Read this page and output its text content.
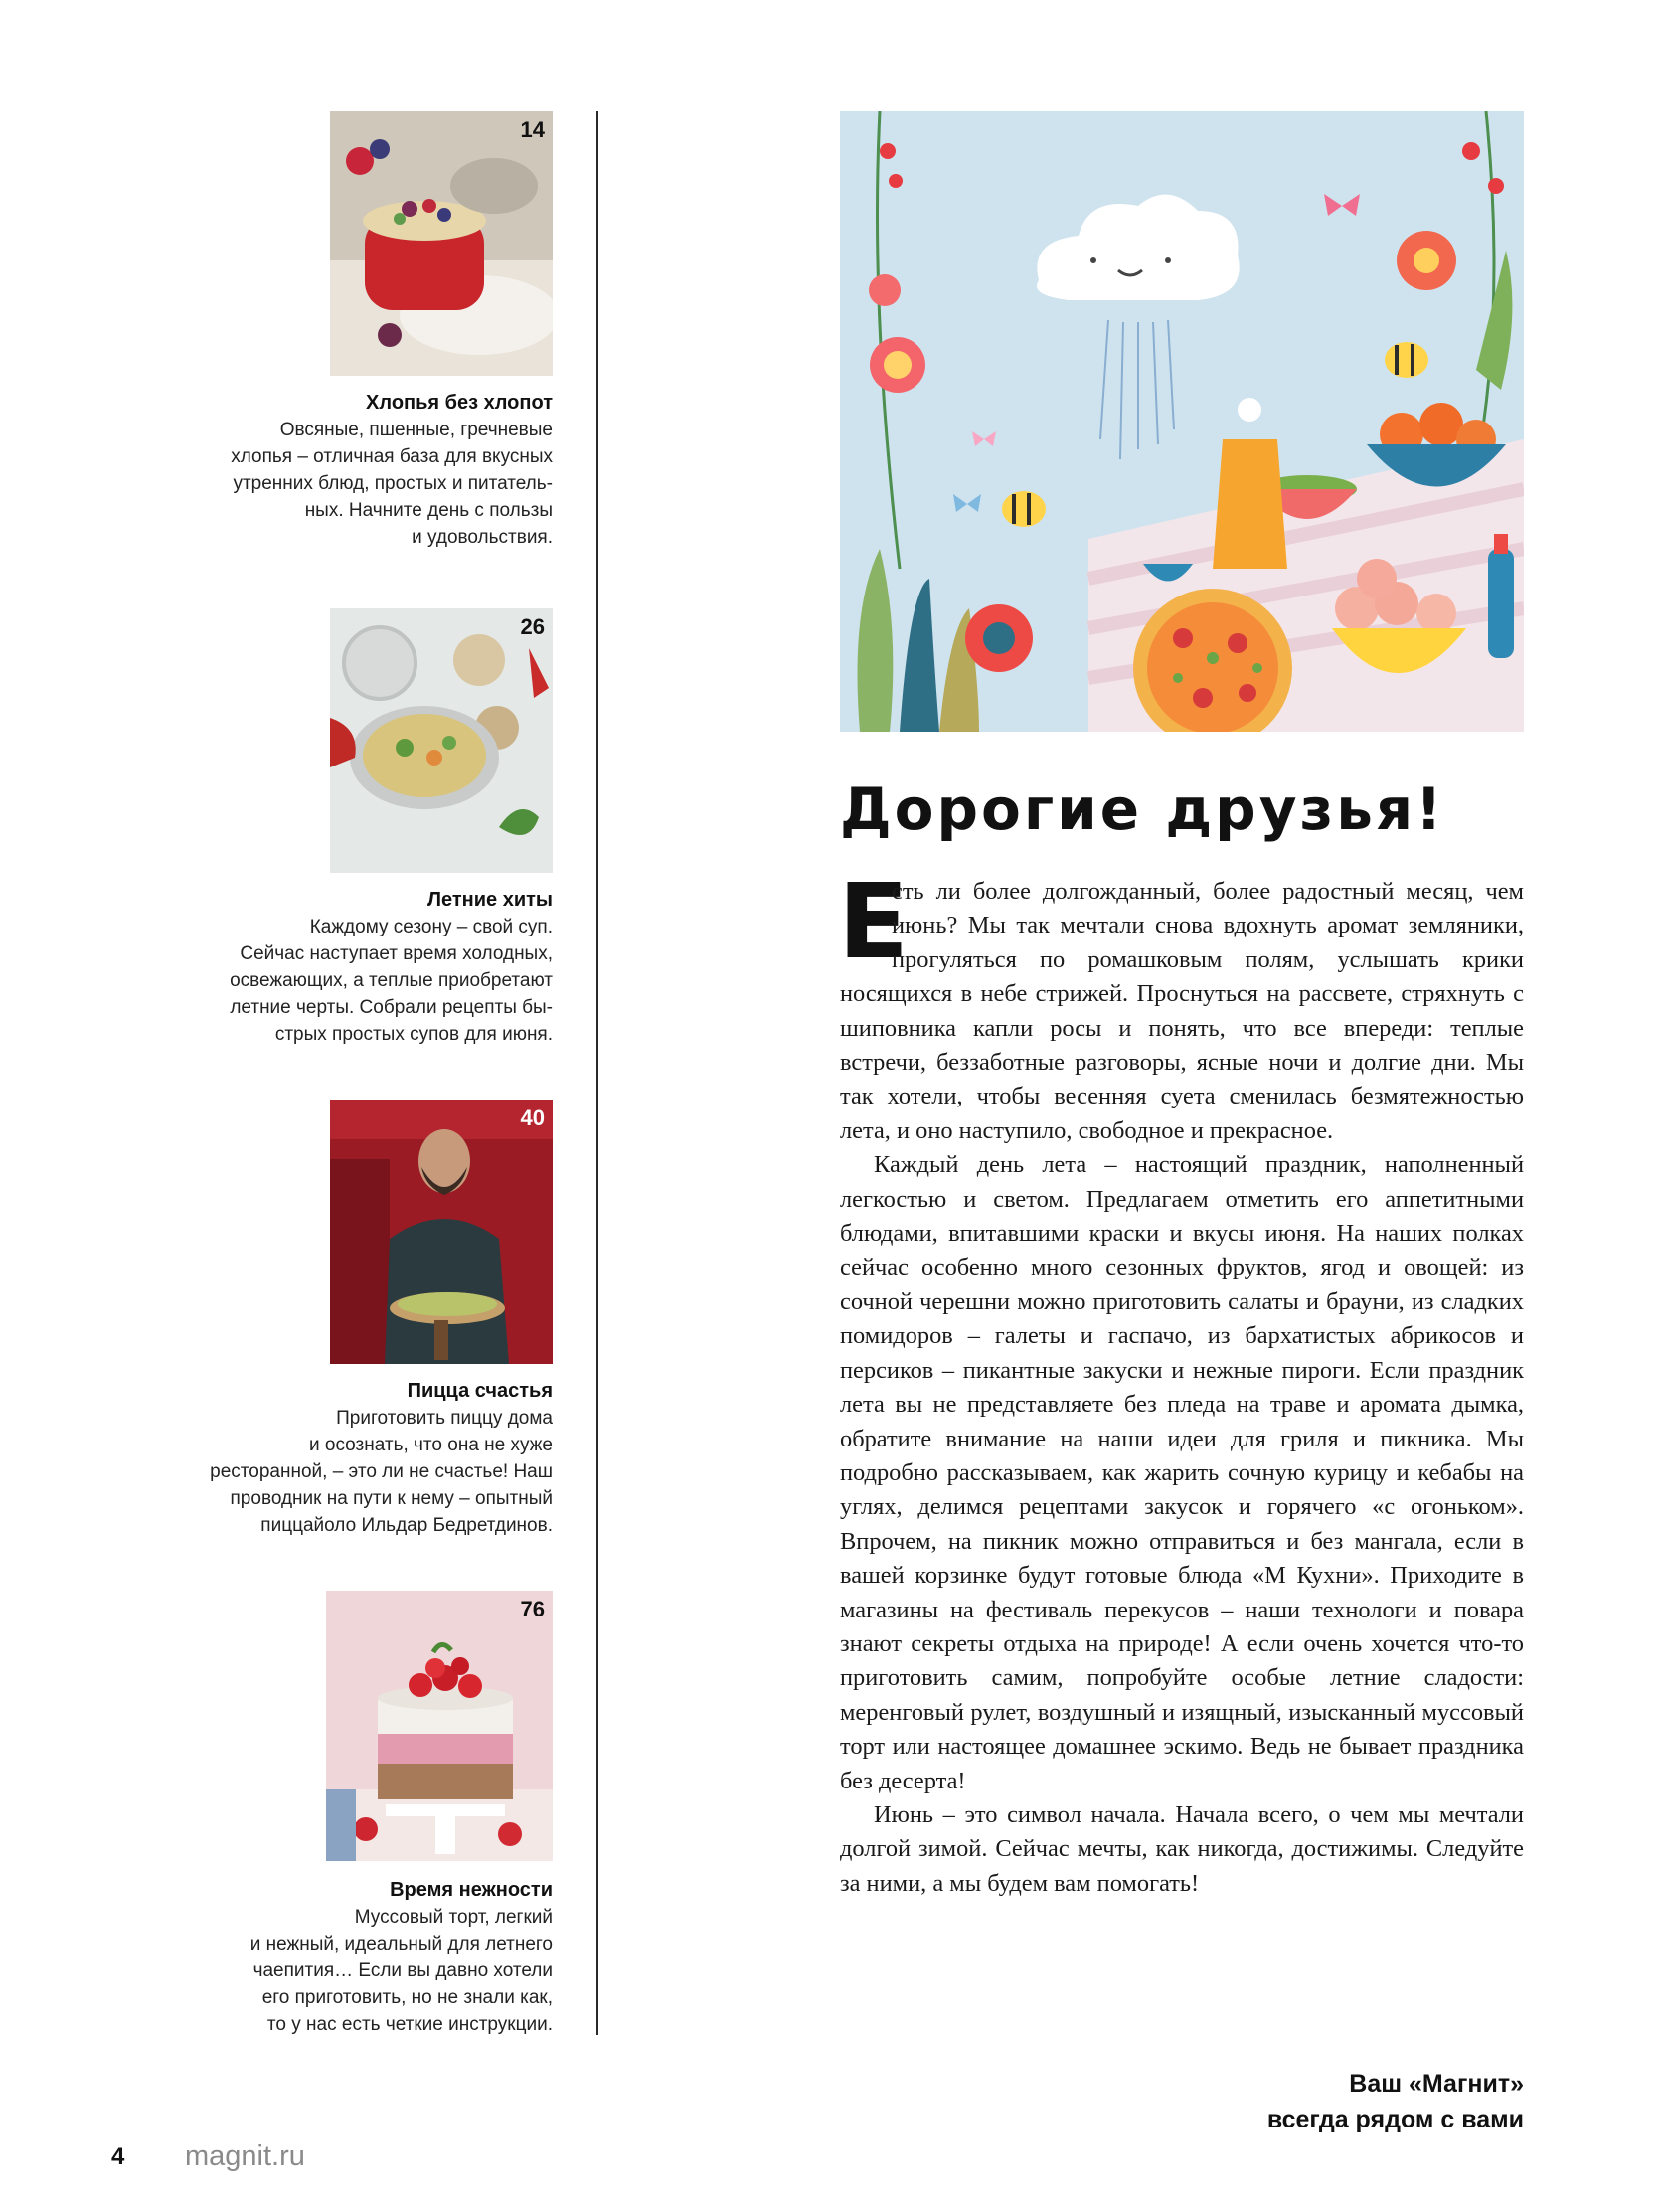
14
Хлопья без хлопот
Овсяные, пшенные, гречневые
хлопья – отличная база для вкусных
утренних блюд, простых и питатель-
ных. Начните день с пользы
и удовольствия.
26
Летние хиты
Каждому сезону – свой суп.
Сейчас наступает время холодных,
освежающих, а теплые приобретают
летние черты. Собрали рецепты бы-
стрых простых супов для июня.
40
Пицца счастья
Приготовить пиццу дома
и осознать, что она не хуже
ресторанной, – это ли не счастье! Наш
проводник на пути к нему – опытный
пиццайоло Ильдар Бедретдинов.
76
Время нежности
Муссовый торт, легкий
и нежный, идеальный для летнего
чаепития… Если вы давно хотели
его приготовить, но не знали как,
то у нас есть четкие инструкции.
Дорогие друзья!

Е
сть ли более долгожданный, более радостный месяц, чем июнь? Мы так мечтали снова вдохнуть аромат земляники, прогуляться по ромашковым полям, услышать крики носящихся в небе стрижей. Проснуться на рассвете, стряхнуть с шиповника капли росы и понять, что все впереди: теплые встречи, беззаботные разговоры, ясные ночи и долгие дни. Мы так хотели, чтобы весенняя суета сменилась безмятежностью лета, и оно наступило, свободное и прекрасное.

Каждый день лета – настоящий праздник, наполненный легкостью и светом. Предлагаем отметить его аппетитными блюдами, впитавшими краски и вкусы июня. На наших полках сейчас особенно много сезонных фруктов, ягод и овощей: из сочной черешни можно приготовить салаты и брауни, из сладких помидоров – галеты и гаспачо, из бархатистых абрикосов и персиков – пикантные закуски и нежные пироги. Если праздник лета вы не представляете без пледа на траве и аромата дымка, обратите внимание на наши идеи для гриля и пикника. Мы подробно рассказываем, как жарить сочную курицу и кебабы на углях, делимся рецептами закусок и горячего «с огоньком». Впрочем, на пикник можно отправиться и без мангала, если в вашей корзинке будут готовые блюда «М Кухни». Приходите в магазины на фестиваль перекусов – наши технологи и повара знают секреты отдыха на природе! А если очень хочется что-то приготовить самим, попробуйте особые летние сладости: меренговый рулет, воздушный и изящный, изысканный муссовый торт или настоящее домашнее эскимо. Ведь не бывает праздника без десерта!

Июнь – это символ начала. Начала всего, о чем мы мечтали долгой зимой. Сейчас мечты, как никогда, достижимы. Следуйте за ними, а мы будем вам помогать!

Ваш «Магнит»
всегда рядом с вами
4 magnit.ru
